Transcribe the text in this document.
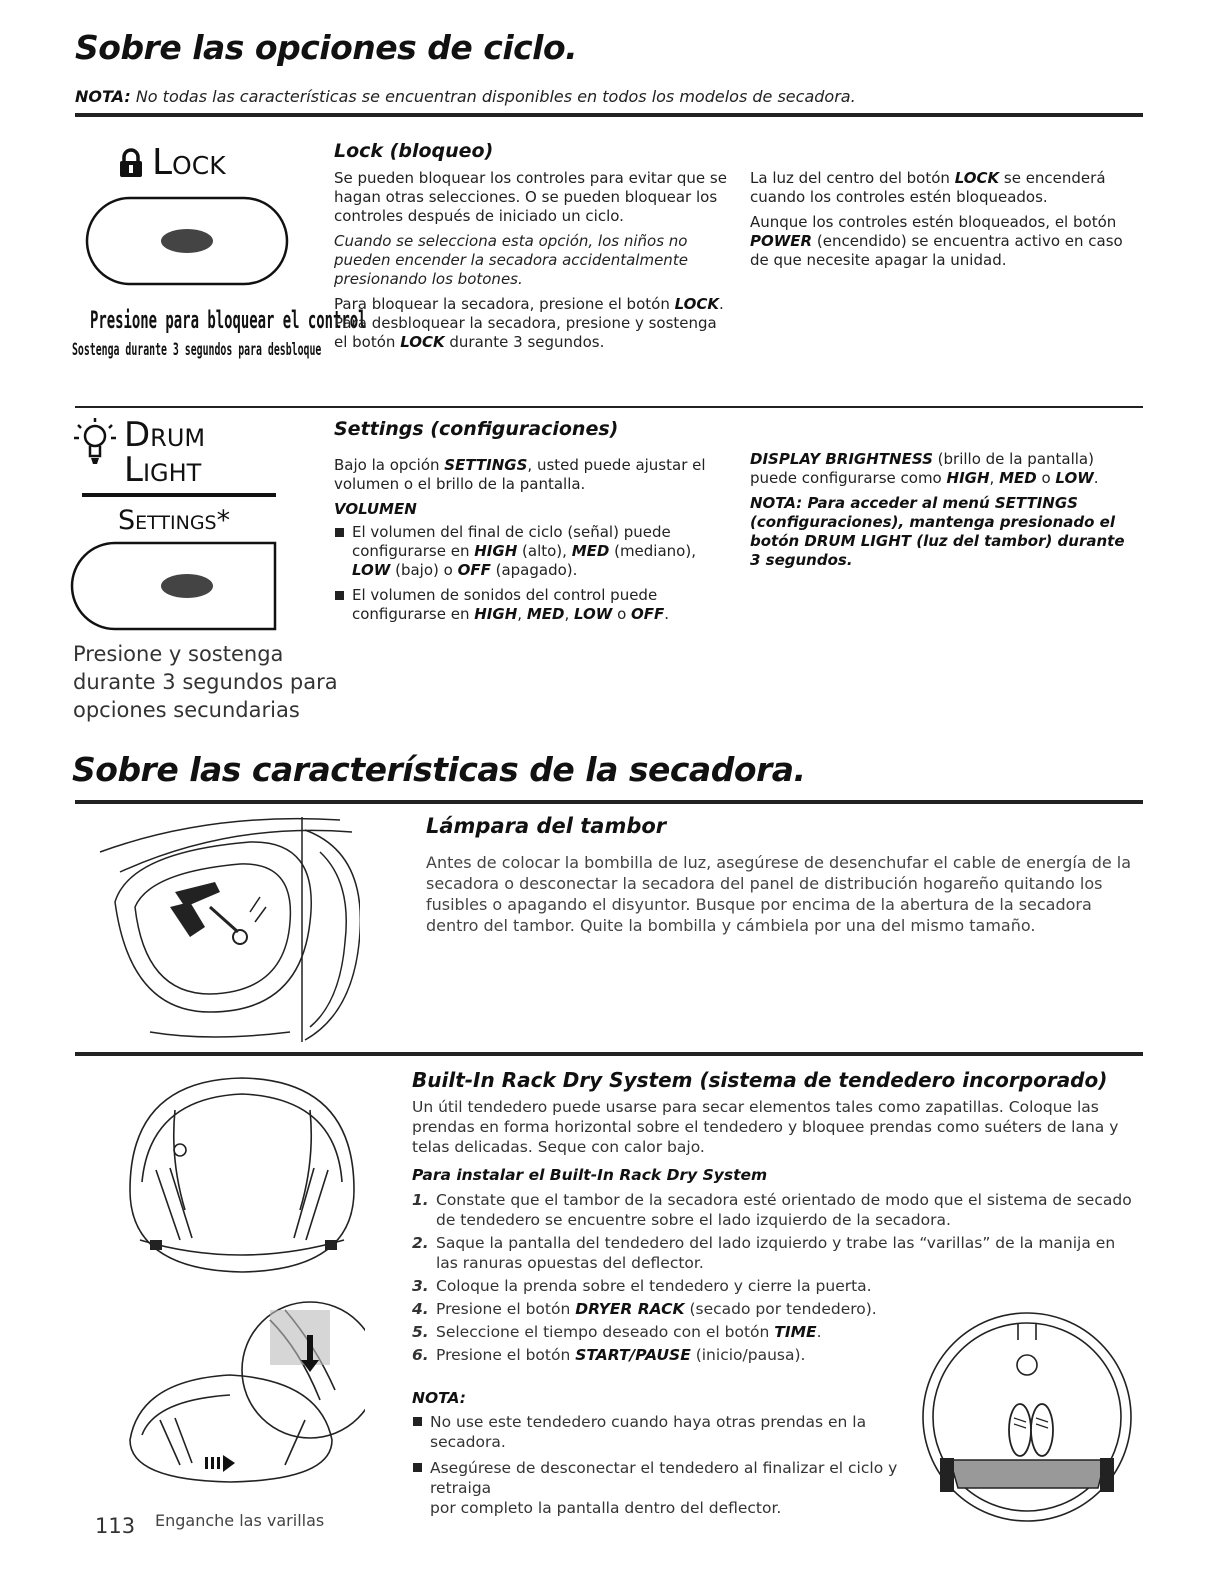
Sobre las opciones de ciclo.
NOTA: No todas las características se encuentran disponibles en todos los modelos de secadora.
Lock
Presione para bloquear el control
Sostenga durante 3 segundos para desbloque
Lock (bloqueo)

Se pueden bloquear los controles para evitar que se hagan otras selecciones. O se pueden bloquear los controles después de iniciado un ciclo.

Cuando se selecciona esta opción, los niños no pueden encender la secadora accidentalmente presionando los botones.

Para bloquear la secadora, presione el botón LOCK. Para desbloquear la secadora, presione y sostenga el botón LOCK durante 3 segundos.

La luz del centro del botón LOCK se encenderá cuando los controles estén bloqueados.

Aunque los controles estén bloqueados, el botón POWER (encendido) se encuentra activo en caso de que necesite apagar la unidad.

Drum
Light
Settings*
Presione y sostenga durante 3 segundos para opciones secundarias
Settings (configuraciones)

Bajo la opción SETTINGS, usted puede ajustar el volumen o el brillo de la pantalla.

VOLUMEN

El volumen del final de ciclo (señal) puede configurarse en HIGH (alto), MED (mediano), LOW (bajo) o OFF (apagado).

El volumen de sonidos del control puede configurarse en HIGH, MED, LOW o OFF.

DISPLAY BRIGHTNESS (brillo de la pantalla) puede configurarse como HIGH, MED o LOW.

NOTA: Para acceder al menú SETTINGS (configuraciones), mantenga presionado el botón DRUM LIGHT (luz del tambor) durante 3 segundos.

Sobre las características de la secadora.
Lámpara del tambor
Antes de colocar la bombilla de luz, asegúrese de desenchufar el cable de energía de la secadora o desconectar la secadora del panel de distribución hogareño quitando los fusibles o apagando el disyuntor. Busque por encima de la abertura de la secadora dentro del tambor. Quite la bombilla y cámbiela por una del mismo tamaño.
Built-In Rack Dry System (sistema de tendedero incorporado)
Un útil tendedero puede usarse para secar elementos tales como zapatillas. Coloque las prendas en forma horizontal sobre el tendedero y bloquee prendas como suéters de lana y telas delicadas. Seque con calor bajo.
Para instalar el Built-In Rack Dry System
1. Constate que el tambor de la secadora esté orientado de modo que el sistema de secado de tendedero se encuentre sobre el lado izquierdo de la secadora.
2. Saque la pantalla del tendedero del lado izquierdo y trabe las “varillas” de la manija en las ranuras opuestas del deflector.
3. Coloque la prenda sobre el tendedero y cierre la puerta.
4. Presione el botón DRYER RACK (secado por tendedero).
5. Seleccione el tiempo deseado con el botón TIME.
6. Presione el botón START/PAUSE (inicio/pausa).
NOTA:

No use este tendedero cuando haya otras prendas en la secadora.

Asegúrese de desconectar el tendedero al finalizar el ciclo y retraiga
por completo la pantalla dentro del deflector.

113 Enganche las varillas
